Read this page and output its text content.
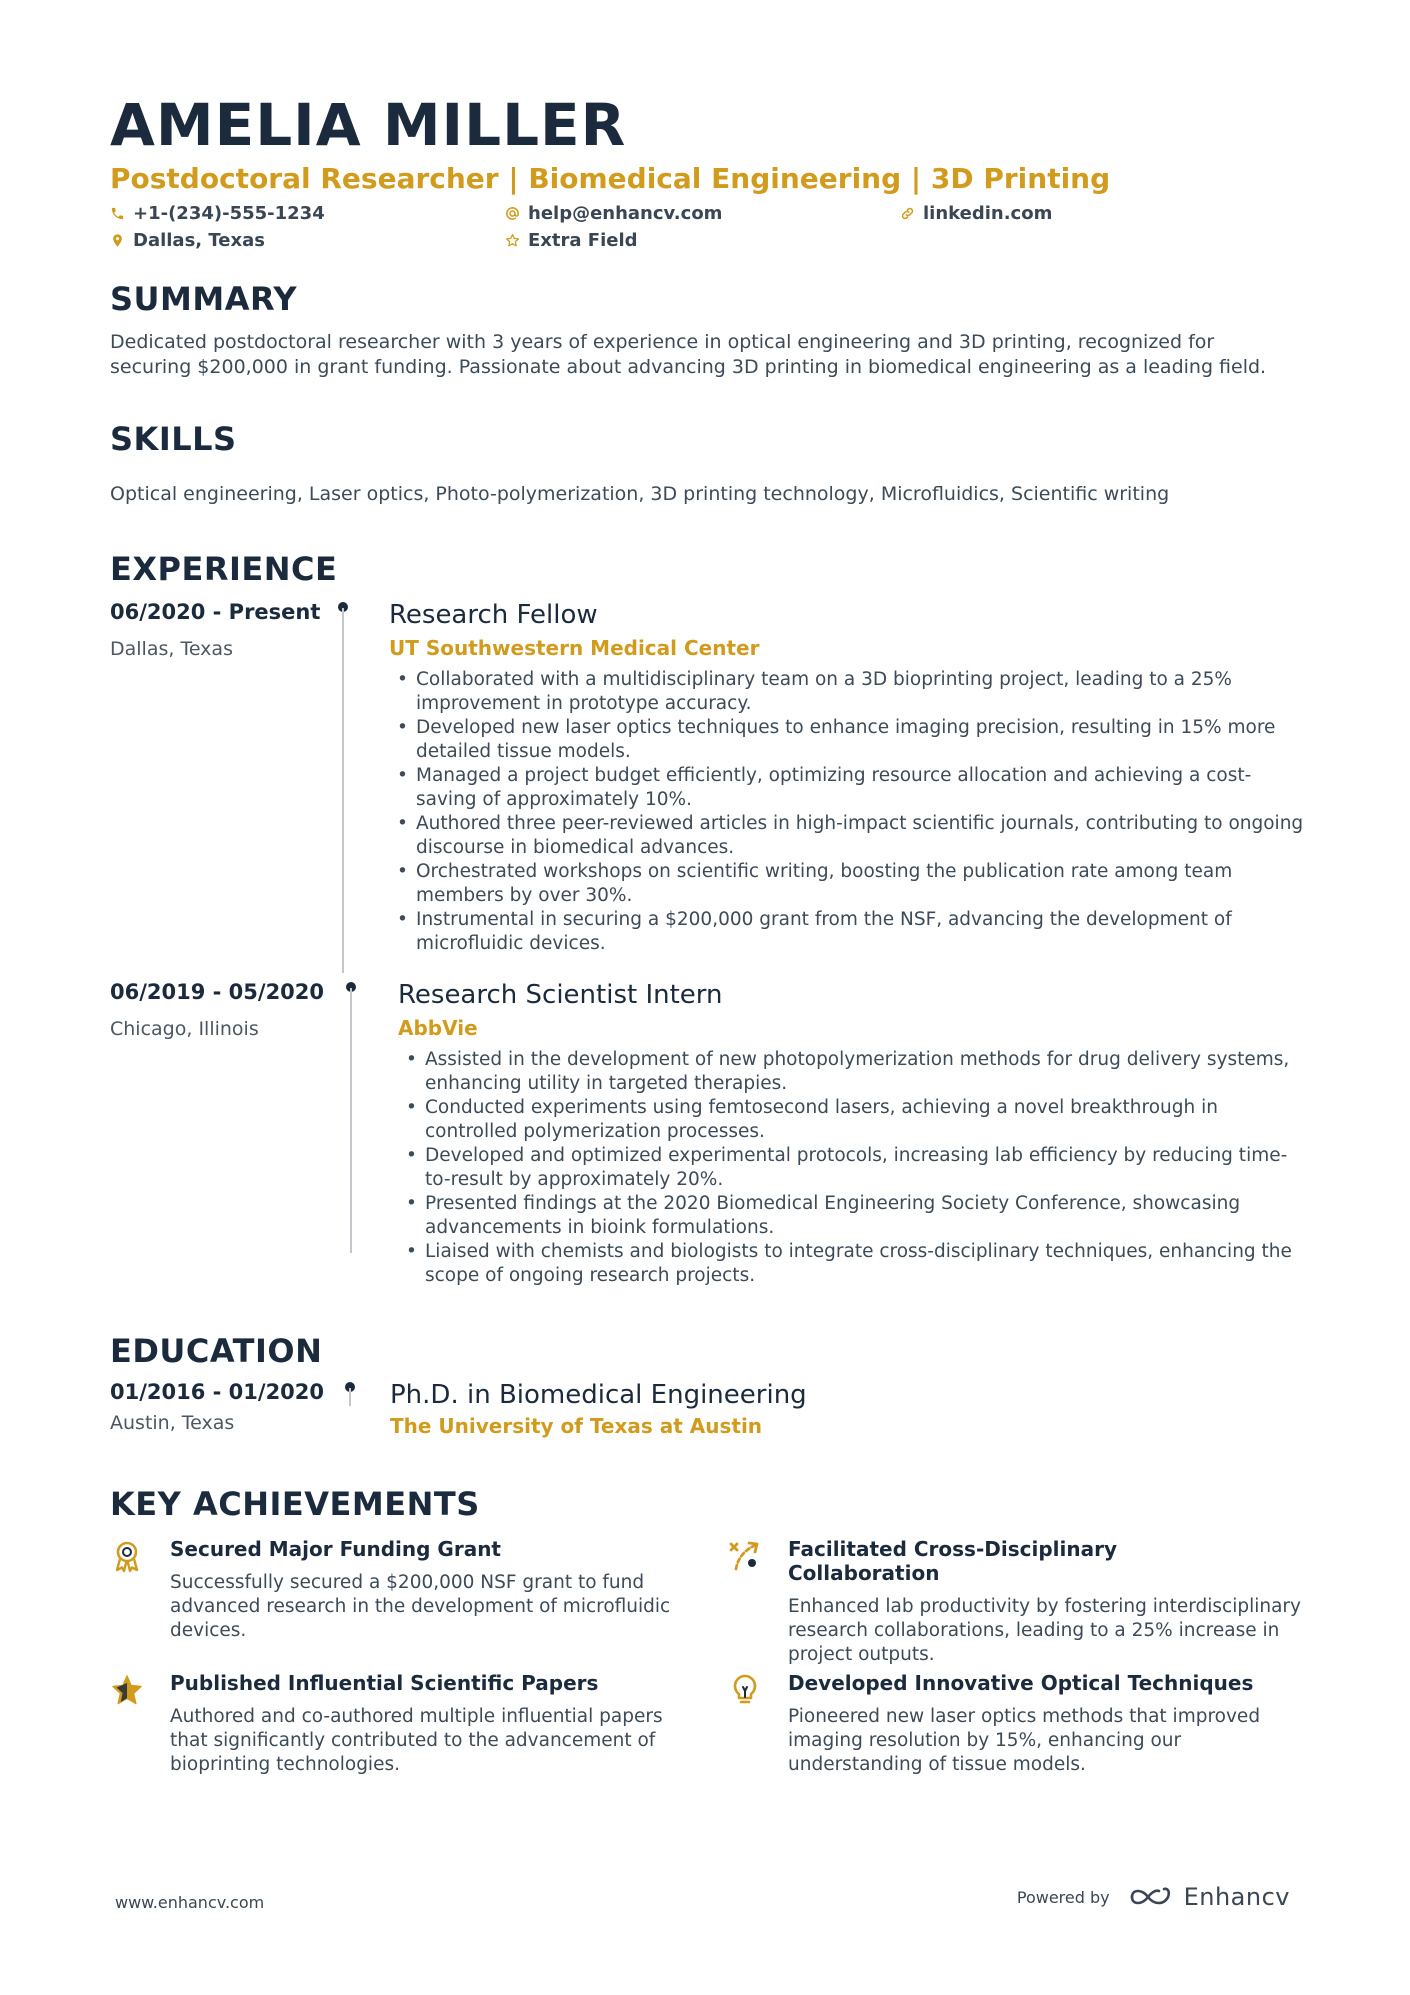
AMELIA MILLER
Postdoctoral Researcher | Biomedical Engineering | 3D Printing
+1-(234)-555-1234	help@enhancv.com	linkedin.com
Dallas, Texas	Extra Field
SUMMARY
Dedicated postdoctoral researcher with 3 years of experience in optical engineering and 3D printing, recognized for securing $200,000 in grant funding. Passionate about advancing 3D printing in biomedical engineering as a leading field.
SKILLS
Optical engineering, Laser optics, Photo-polymerization, 3D printing technology, Microfluidics, Scientific writing
EXPERIENCE
06/2020 - Present
Dallas, Texas
Research Fellow
UT Southwestern Medical Center
• Collaborated with a multidisciplinary team on a 3D bioprinting project, leading to a 25% improvement in prototype accuracy.
• Developed new laser optics techniques to enhance imaging precision, resulting in 15% more detailed tissue models.
• Managed a project budget efficiently, optimizing resource allocation and achieving a cost-saving of approximately 10%.
• Authored three peer-reviewed articles in high-impact scientific journals, contributing to ongoing discourse in biomedical advances.
• Orchestrated workshops on scientific writing, boosting the publication rate among team members by over 30%.
• Instrumental in securing a $200,000 grant from the NSF, advancing the development of microfluidic devices.
06/2019 - 05/2020
Chicago, Illinois
Research Scientist Intern
AbbVie
• Assisted in the development of new photopolymerization methods for drug delivery systems, enhancing utility in targeted therapies.
• Conducted experiments using femtosecond lasers, achieving a novel breakthrough in controlled polymerization processes.
• Developed and optimized experimental protocols, increasing lab efficiency by reducing time-to-result by approximately 20%.
• Presented findings at the 2020 Biomedical Engineering Society Conference, showcasing advancements in bioink formulations.
• Liaised with chemists and biologists to integrate cross-disciplinary techniques, enhancing the scope of ongoing research projects.
EDUCATION
01/2016 - 01/2020
Austin, Texas
Ph.D. in Biomedical Engineering
The University of Texas at Austin
KEY ACHIEVEMENTS
Secured Major Funding Grant
Successfully secured a $200,000 NSF grant to fund advanced research in the development of microfluidic devices.
Facilitated Cross-Disciplinary Collaboration
Enhanced lab productivity by fostering interdisciplinary research collaborations, leading to a 25% increase in project outputs.
Published Influential Scientific Papers
Authored and co-authored multiple influential papers that significantly contributed to the advancement of bioprinting technologies.
Developed Innovative Optical Techniques
Pioneered new laser optics methods that improved imaging resolution by 15%, enhancing our understanding of tissue models.
www.enhancv.com	Powered by	Enhancv
